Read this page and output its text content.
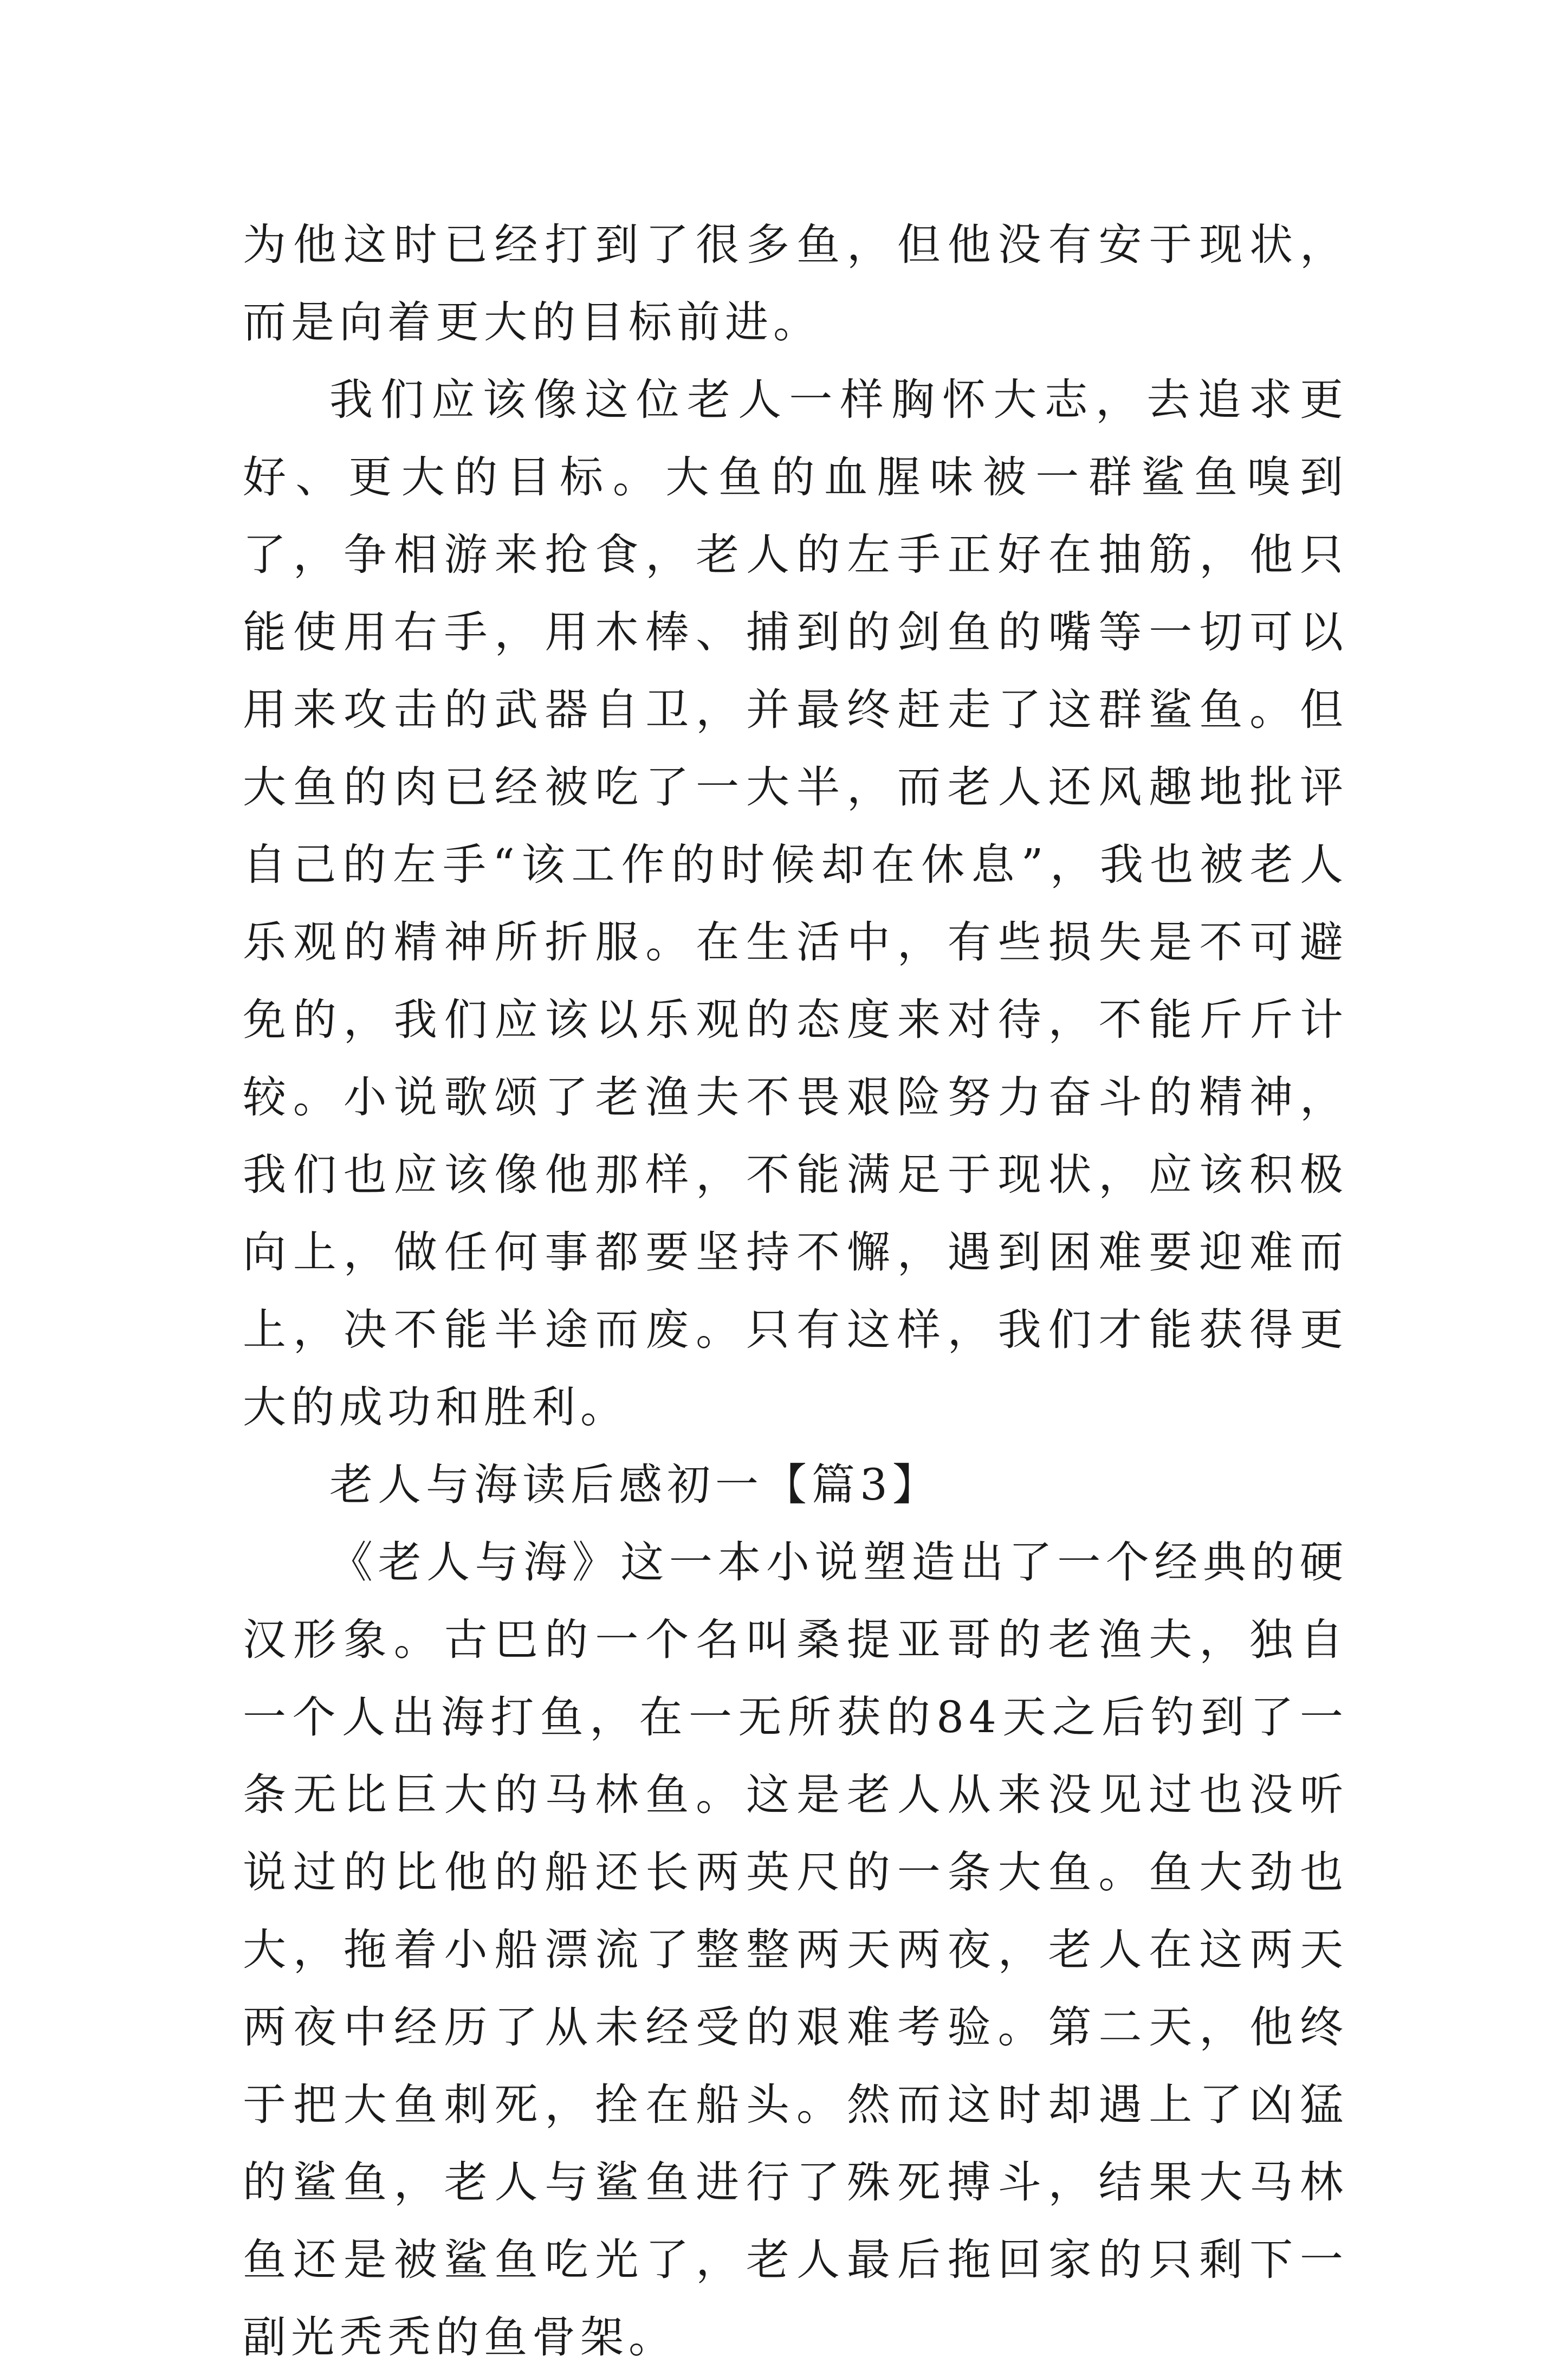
为他这时已经打到了很多鱼，但他没有安于现状，而是向着更大的目标前进。

我们应该像这位老人一样胸怀大志，去追求更好、更大的目标。大鱼的血腥味被一群鲨鱼嗅到了，争相游来抢食，老人的左手正好在抽筋，他只能使用右手，用木棒、捕到的剑鱼的嘴等一切可以用来攻击的武器自卫，并最终赶走了这群鲨鱼。但大鱼的肉已经被吃了一大半，而老人还风趣地批评自己的左手“该工作的时候却在休息”，我也被老人乐观的精神所折服。在生活中，有些损失是不可避免的，我们应该以乐观的态度来对待，不能斤斤计较。小说歌颂了老渔夫不畏艰险努力奋斗的精神，我们也应该像他那样，不能满足于现状，应该积极向上，做任何事都要坚持不懈，遇到困难要迎难而上，决不能半途而废。只有这样，我们才能获得更大的成功和胜利。

老人与海读后感初一【篇3】

《老人与海》这一本小说塑造出了一个经典的硬汉形象。古巴的一个名叫桑提亚哥的老渔夫，独自一个人出海打鱼，在一无所获的84天之后钓到了一条无比巨大的马林鱼。这是老人从来没见过也没听说过的比他的船还长两英尺的一条大鱼。鱼大劲也大，拖着小船漂流了整整两天两夜，老人在这两天两夜中经历了从未经受的艰难考验。第二天，他终于把大鱼刺死，拴在船头。然而这时却遇上了凶猛的鲨鱼，老人与鲨鱼进行了殊死搏斗，结果大马林鱼还是被鲨鱼吃光了，老人最后拖回家的只剩下一副光秃秃的鱼骨架。
